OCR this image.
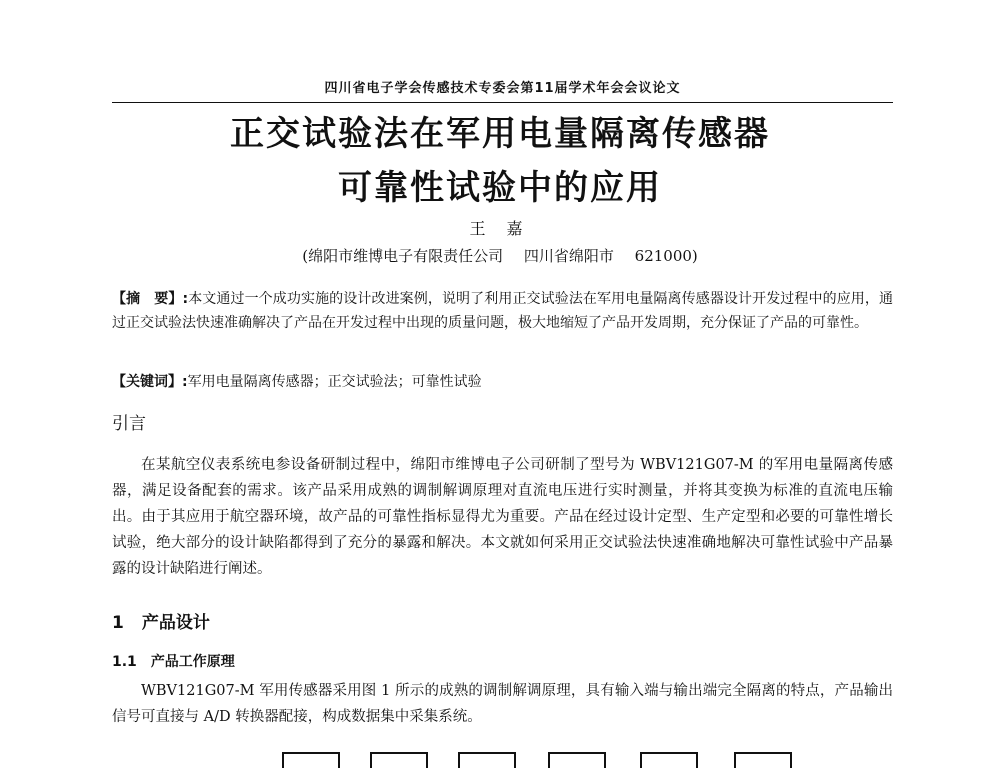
四川省电子学会传感技术专委会第11届学术年会会议论文
正交试验法在军用电量隔离传感器
可靠性试验中的应用
王 嘉
(绵阳市维博电子有限责任公司 四川省绵阳市 621000)
【摘　要】:本文通过一个成功实施的设计改进案例，说明了利用正交试验法在军用电量隔离传感器设计开发过程中的应用，通过正交试验法快速准确解决了产品在开发过程中出现的质量问题，极大地缩短了产品开发周期，充分保证了产品的可靠性。
【关键词】:军用电量隔离传感器；正交试验法；可靠性试验
引言
在某航空仪表系统电参设备研制过程中，绵阳市维博电子公司研制了型号为 WBV121G07-M 的军用电量隔离传感器，满足设备配套的需求。该产品采用成熟的调制解调原理对直流电压进行实时测量，并将其变换为标准的直流电压输出。由于其应用于航空器环境，故产品的可靠性指标显得尤为重要。产品在经过设计定型、生产定型和必要的可靠性增长试验，绝大部分的设计缺陷都得到了充分的暴露和解决。本文就如何采用正交试验法快速准确地解决可靠性试验中产品暴露的设计缺陷进行阐述。
1 产品设计
1.1 产品工作原理
WBV121G07-M 军用传感器采用图 1 所示的成熟的调制解调原理，具有输入端与输出端完全隔离的特点，产品输出信号可直接与 A/D 转换器配接，构成数据集中采集系统。
